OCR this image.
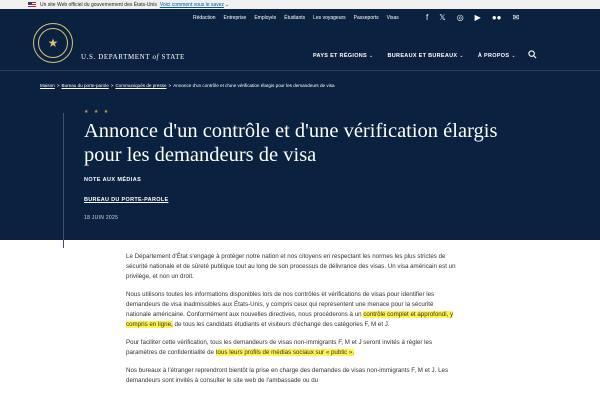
Un site Web officiel du gouvernement des États-Unis Voici comment vous le savez ⌄
Rédaction Entreprise Employés Étudiants Les voyageurs Passeports Visas	f 𝕏 ◎ ▶ ●● ✉
★
U.S. DEPARTMENT of STATE	PAYS ET RÉGIONS ⌄	BUREAUX ET BUREAUX ⌄	À PROPOS ⌄
Maison > Bureau du porte-parole > Communiqués de presse > Annonce d'un contrôle et d'une vérification élargis pour les demandeurs de visa
★ ★ ★
Annonce d'un contrôle et d'une vérification élargis pour les demandeurs de visa
NOTE AUX MÉDIAS
BUREAU DU PORTE-PAROLE
18 JUIN 2025

Le Département d'État s'engage à protéger notre nation et nos citoyens en respectant les normes les plus strictes de sécurité nationale et de sûreté publique tout au long de son processus de délivrance des visas. Un visa américain est un privilège, et non un droit.

Nous utilisons toutes les informations disponibles lors de nos contrôles et vérifications de visas pour identifier les demandeurs de visa inadmissibles aux États-Unis, y compris ceux qui représentent une menace pour la sécurité nationale américaine. Conformément aux nouvelles directives, nous procéderons à un contrôle complet et approfondi, y compris en ligne, de tous les candidats étudiants et visiteurs d'échange des catégories F, M et J.

Pour faciliter cette vérification, tous les demandeurs de visas non-immigrants F, M et J seront invités à régler les paramètres de confidentialité de tous leurs profils de médias sociaux sur « public ».

Nos bureaux à l'étranger reprendront bientôt la prise en charge des demandes de visas non-immigrants F, M et J. Les demandeurs sont invités à consulter le site web de l'ambassade ou du
